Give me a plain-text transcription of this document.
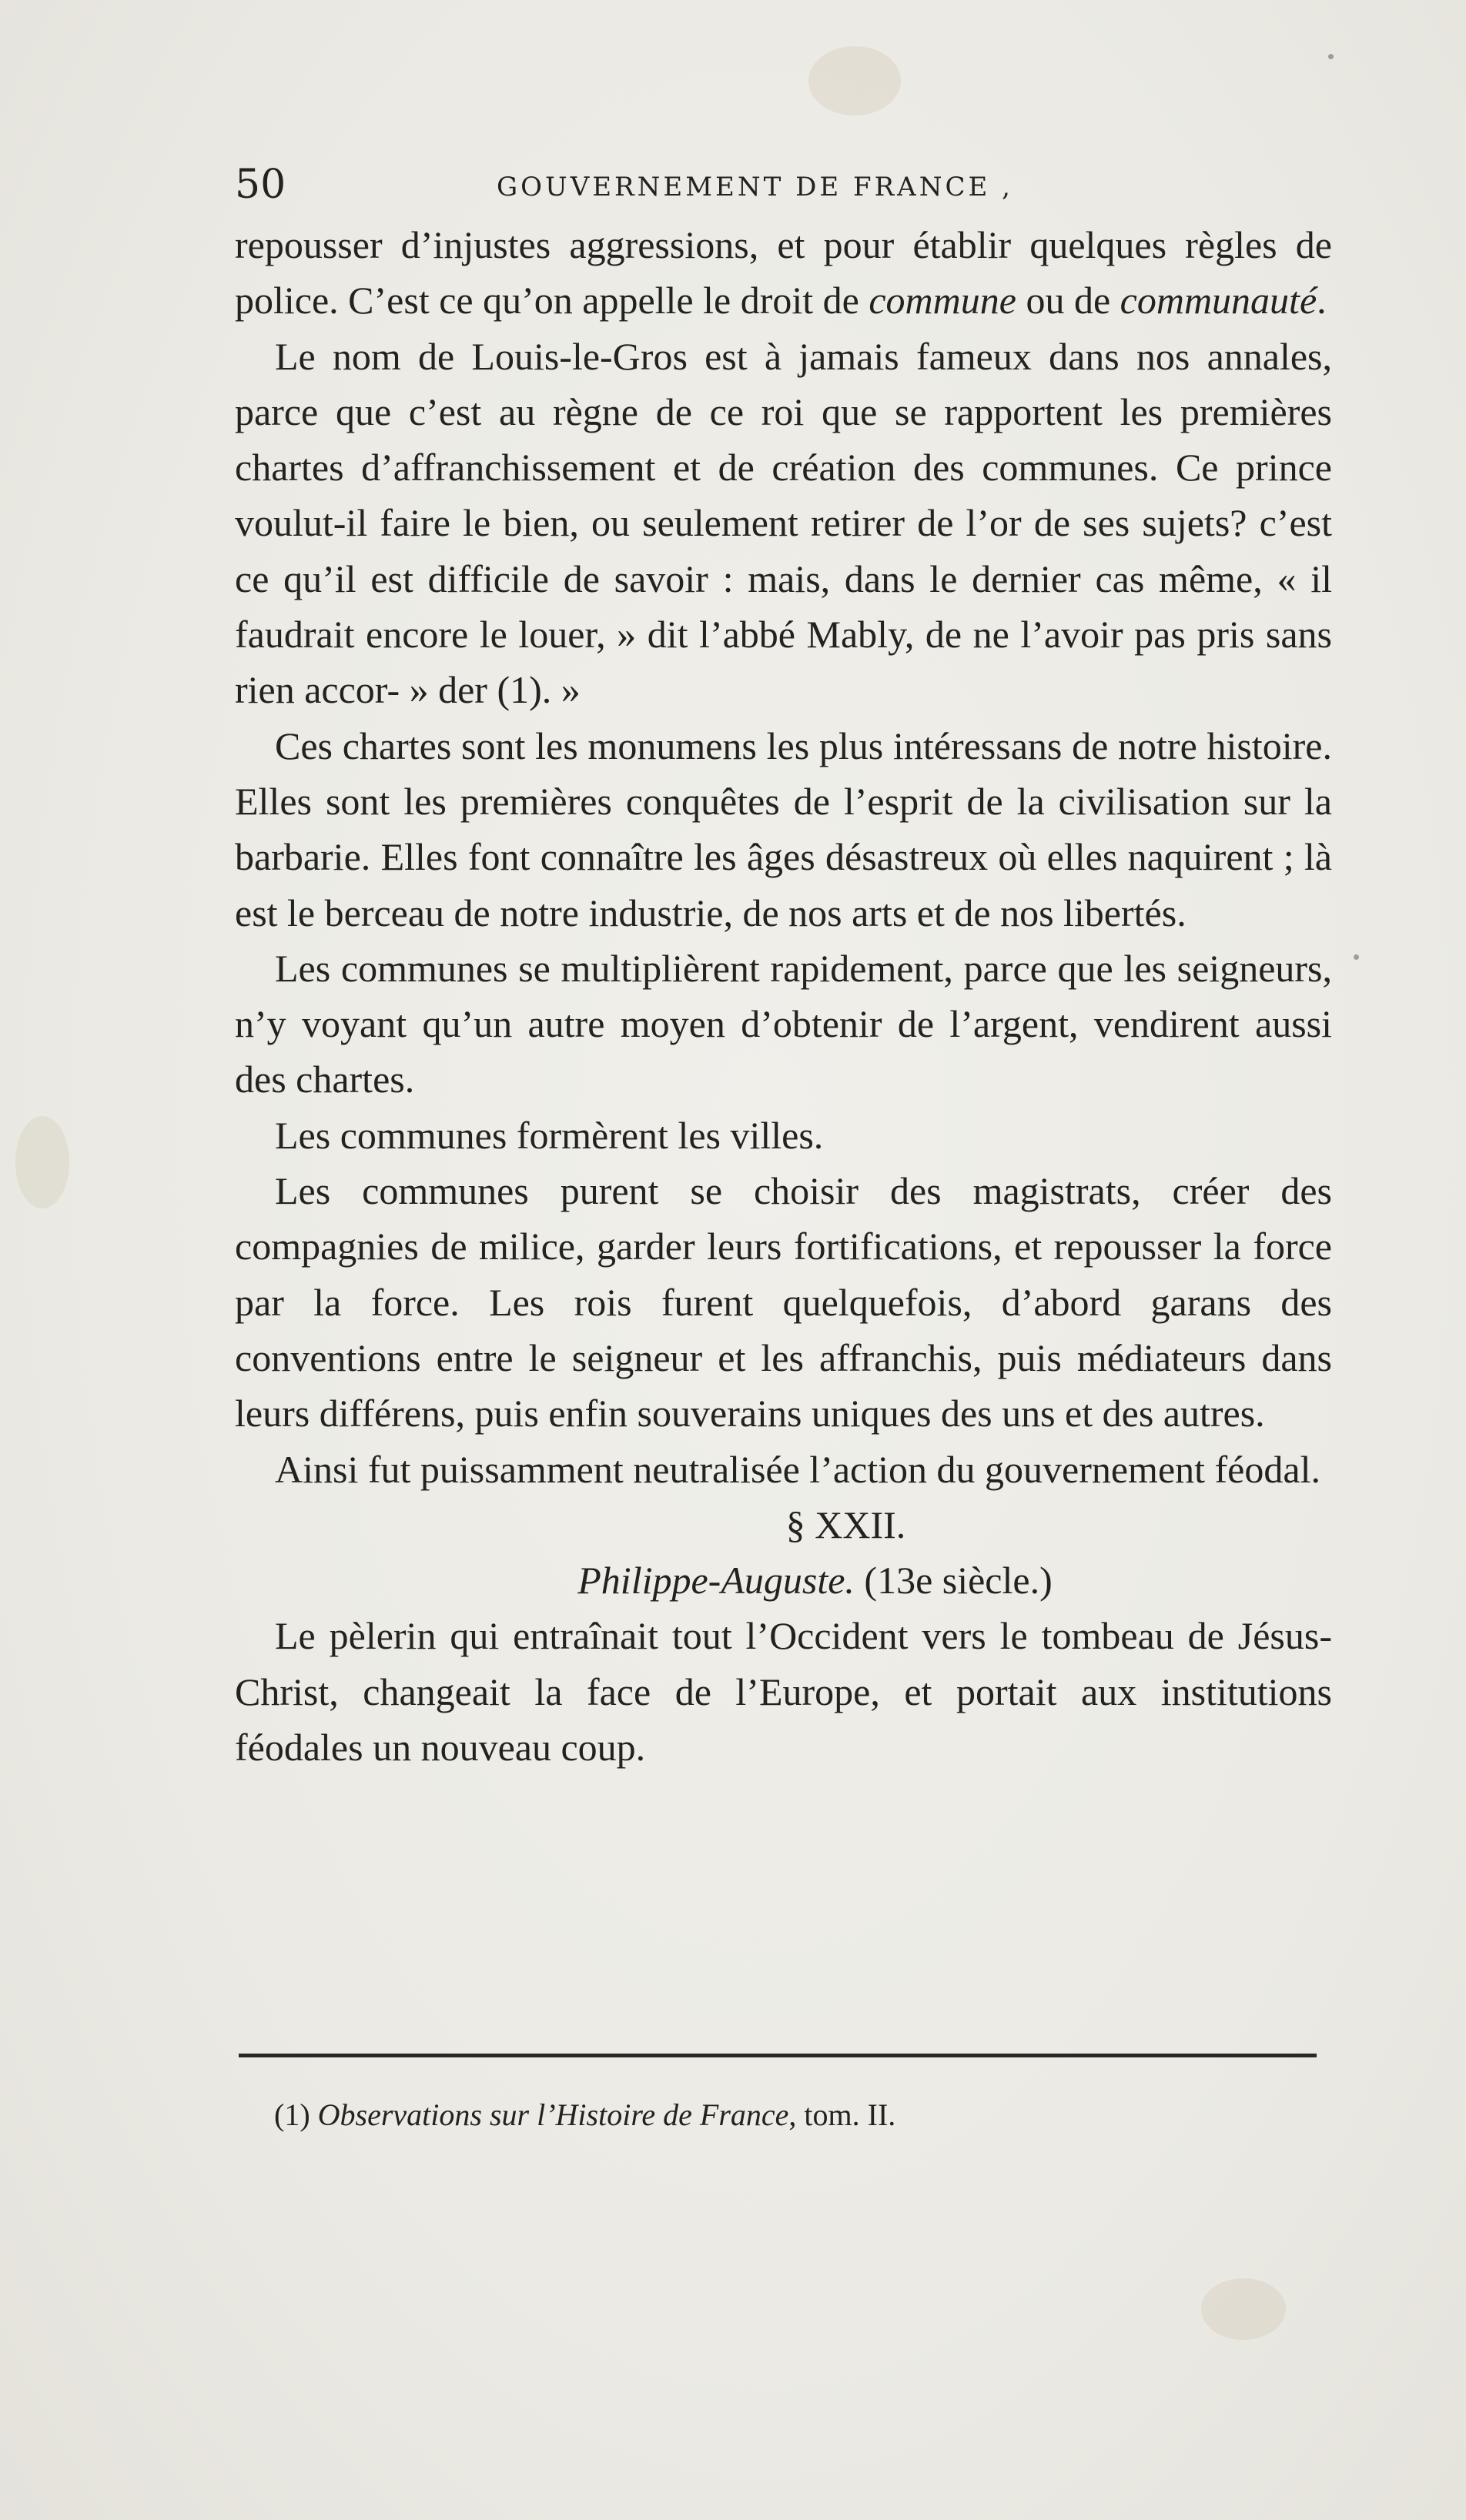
50	GOUVERNEMENT DE FRANCE ,

repousser d’injustes aggressions, et pour établir quelques règles de police. C’est ce qu’on appelle le droit de commune ou de communauté.

Le nom de Louis-le-Gros est à jamais fameux dans nos annales, parce que c’est au règne de ce roi que se rapportent les premières chartes d’affranchissement et de création des communes. Ce prince voulut-il faire le bien, ou seulement retirer de l’or de ses sujets? c’est ce qu’il est difficile de savoir : mais, dans le dernier cas même, « il faudrait encore le louer, » dit l’abbé Mably, de ne l’avoir pas pris sans rien accor- » der (1). »

Ces chartes sont les monumens les plus intéressans de notre histoire. Elles sont les premières conquêtes de l’esprit de la civilisation sur la barbarie. Elles font connaître les âges désastreux où elles naquirent ; là est le berceau de notre industrie, de nos arts et de nos libertés.

Les communes se multiplièrent rapidement, parce que les seigneurs, n’y voyant qu’un autre moyen d’obtenir de l’argent, vendirent aussi des chartes.

Les communes formèrent les villes.

Les communes purent se choisir des magistrats, créer des compagnies de milice, garder leurs fortifications, et repousser la force par la force. Les rois furent quelquefois, d’abord garans des conventions entre le seigneur et les affranchis, puis médiateurs dans leurs différens, puis enfin souverains uniques des uns et des autres.

Ainsi fut puissamment neutralisée l’action du gouvernement féodal.

§ XXII.

Philippe-Auguste. (13e siècle.)

Le pèlerin qui entraînait tout l’Occident vers le tombeau de Jésus-Christ, changeait la face de l’Europe, et portait aux institutions féodales un nouveau coup.

(1) Observations sur l’Histoire de France, tom. II.
